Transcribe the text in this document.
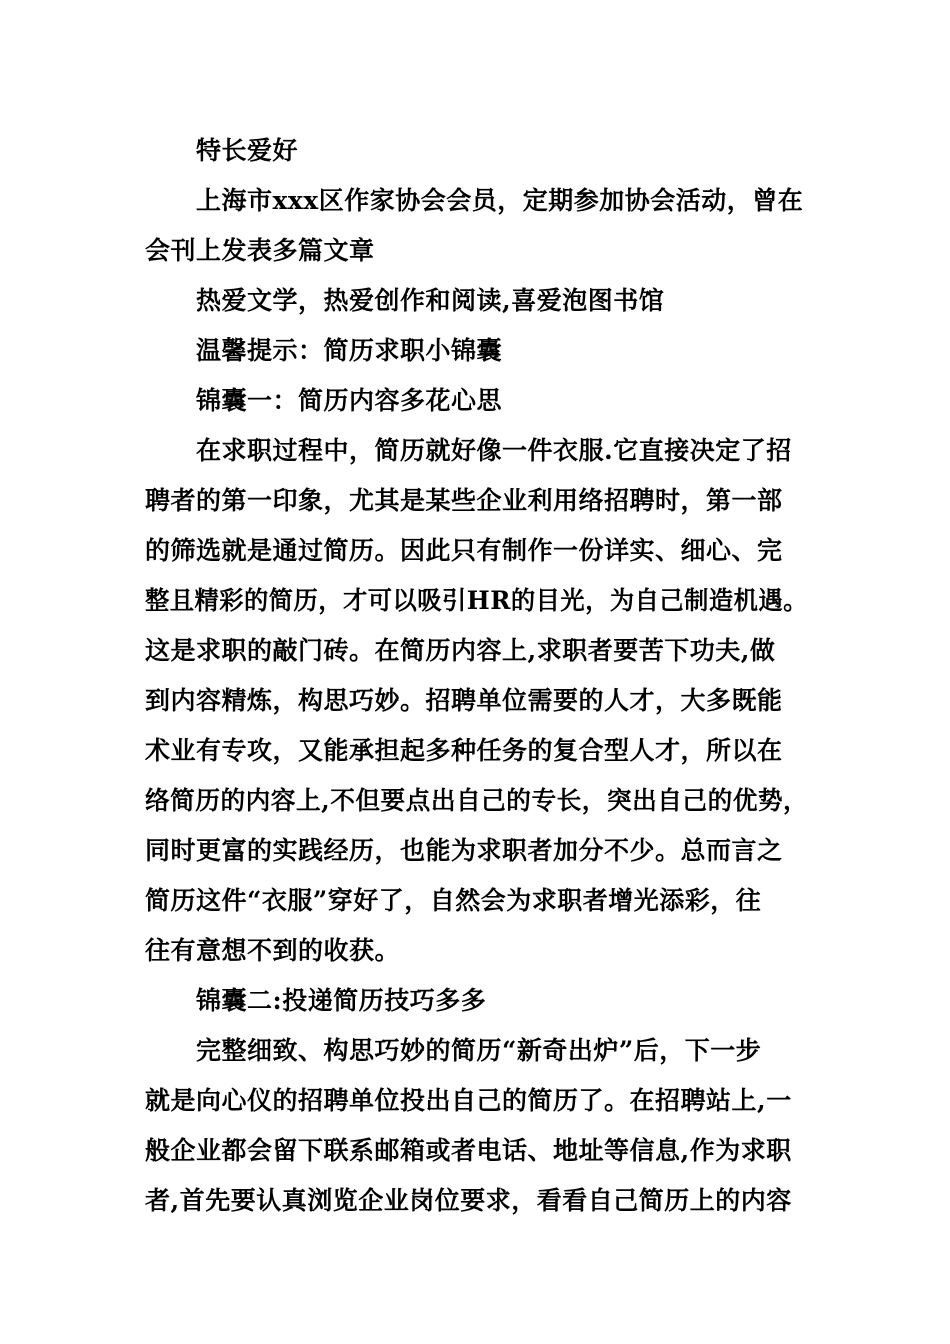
特长爱好
上海市xxx区作家协会会员，定期参加协会活动，曾在
会刊上发表多篇文章
热爱文学，热爱创作和阅读,喜爱泡图书馆
温馨提示：简历求职小锦囊
锦囊一：简历内容多花心思
在求职过程中，简历就好像一件衣服.它直接决定了招
聘者的第一印象，尤其是某些企业利用络招聘时，第一部
的筛选就是通过简历。因此只有制作一份详实、细心、完
整且精彩的简历，才可以吸引HR的目光，为自己制造机遇。
这是求职的敲门砖。在简历内容上,求职者要苦下功夫,做
到内容精炼，构思巧妙。招聘单位需要的人才，大多既能
术业有专攻，又能承担起多种任务的复合型人才，所以在
络简历的内容上,不但要点出自己的专长，突出自己的优势，
同时更富的实践经历，也能为求职者加分不少。总而言之
简历这件“衣服”穿好了，自然会为求职者增光添彩，往
往有意想不到的收获。
锦囊二:投递简历技巧多多
完整细致、构思巧妙的简历“新奇出炉”后，下一步
就是向心仪的招聘单位投出自己的简历了。在招聘站上,一
般企业都会留下联系邮箱或者电话、地址等信息,作为求职
者,首先要认真浏览企业岗位要求，看看自己简历上的内容
